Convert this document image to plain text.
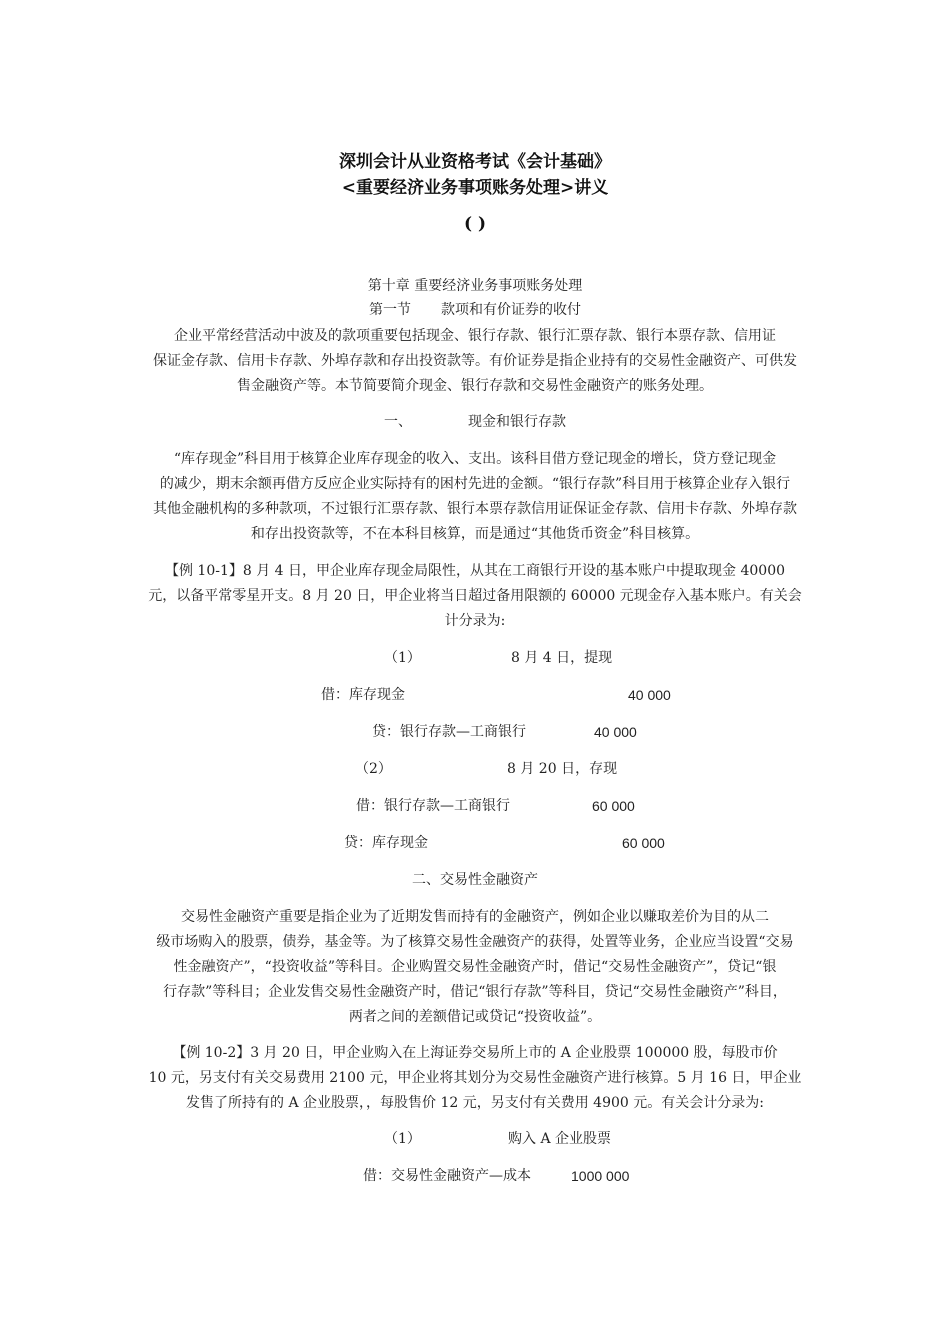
深圳会计从业资格考试《会计基础》
<重要经济业务事项账务处理>讲义
( )
第十章 重要经济业务事项账务处理
第一节 款项和有价证券的收付
企业平常经营活动中波及的款项重要包括现金、银行存款、银行汇票存款、银行本票存款、信用证
保证金存款、信用卡存款、外埠存款和存出投资款等。有价证券是指企业持有的交易性金融资产、可供发
售金融资产等。本节简要简介现金、银行存款和交易性金融资产的账务处理。
一、	现金和银行存款
“库存现金”科目用于核算企业库存现金的收入、支出。该科目借方登记现金的增长，贷方登记现金
的减少，期末余额再借方反应企业实际持有的困村先进的金额。“银行存款”科目用于核算企业存入银行
其他金融机构的多种款项，不过银行汇票存款、银行本票存款信用证保证金存款、信用卡存款、外埠存款
和存出投资款等，不在本科目核算，而是通过“其他货币资金”科目核算。
【例 10-1】8 月 4 日，甲企业库存现金局限性，从其在工商银行开设的基本账户中提取现金 40000
元，以备平常零星开支。8 月 20 日，甲企业将当日超过备用限额的 60000 元现金存入基本账户。有关会
计分录为:
（1）	8 月 4 日，提现
借：库存现金	40 000
贷：银行存款—工商银行	40 000
（2）	8 月 20 日，存现
借：银行存款—工商银行	60 000
贷：库存现金	60 000
二、交易性金融资产
交易性金融资产重要是指企业为了近期发售而持有的金融资产，例如企业以赚取差价为目的从二
级市场购入的股票，债券，基金等。为了核算交易性金融资产的获得，处置等业务，企业应当设置“交易
性金融资产”，“投资收益”等科目。企业购置交易性金融资产时，借记“交易性金融资产”，贷记“银
行存款”等科目；企业发售交易性金融资产时，借记“银行存款”等科目，贷记“交易性金融资产”科目，
两者之间的差额借记或贷记“投资收益”。
【例 10-2】3 月 20 日，甲企业购入在上海证券交易所上市的 A 企业股票 100000 股，每股市价
10 元，另支付有关交易费用 2100 元，甲企业将其划分为交易性金融资产进行核算。5 月 16 日，甲企业
发售了所持有的 A 企业股票，，每股售价 12 元，另支付有关费用 4900 元。有关会计分录为:
（1）	购入 A 企业股票
借：交易性金融资产—成本	1000 000
